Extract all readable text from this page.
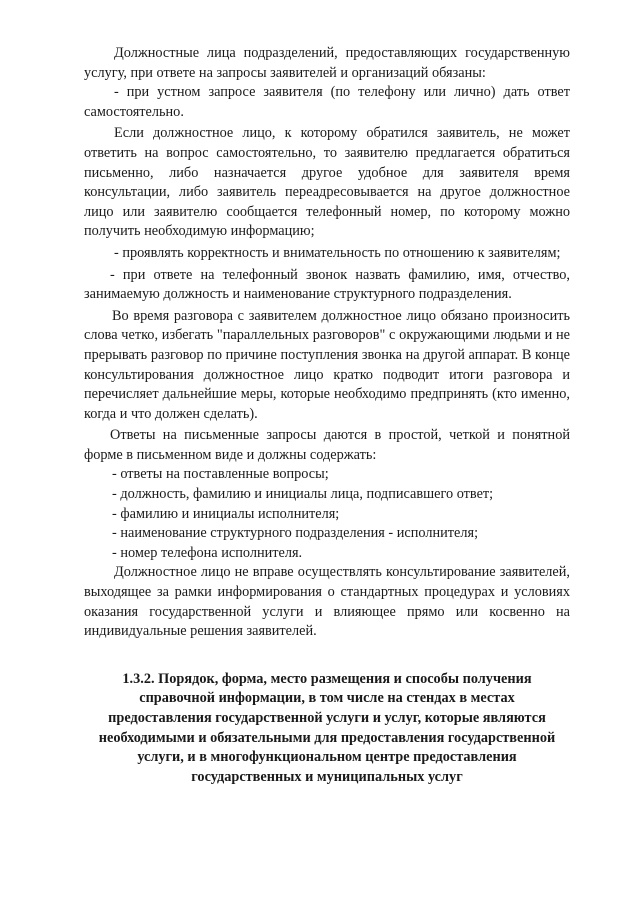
Должностные лица подразделений, предоставляющих государственную услугу, при ответе на запросы заявителей и организаций обязаны:

- при устном запросе заявителя (по телефону или лично) дать ответ самостоятельно.

Если должностное лицо, к которому обратился заявитель, не может ответить на вопрос самостоятельно, то заявителю предлагается обратиться письменно, либо назначается другое удобное для заявителя время консультации, либо заявитель переадресовывается на другое должностное лицо или заявителю сообщается телефонный номер, по которому можно получить необходимую информацию;

- проявлять корректность и внимательность по отношению к заявителям;

- при ответе на телефонный звонок назвать фамилию, имя, отчество, занимаемую должность и наименование структурного подразделения.

Во время разговора с заявителем должностное лицо обязано произносить слова четко, избегать "параллельных разговоров" с окружающими людьми и не прерывать разговор по причине поступления звонка на другой аппарат. В конце консультирования должностное лицо кратко подводит итоги разговора и перечисляет дальнейшие меры, которые необходимо предпринять (кто именно, когда и что должен сделать).

Ответы на письменные запросы даются в простой, четкой и понятной форме в письменном виде и должны содержать:

- ответы на поставленные вопросы;

- должность, фамилию и инициалы лица, подписавшего ответ;

- фамилию и инициалы исполнителя;

- наименование структурного подразделения - исполнителя;

- номер телефона исполнителя.

Должностное лицо не вправе осуществлять консультирование заявителей, выходящее за рамки информирования о стандартных процедурах и условиях оказания государственной услуги и влияющее прямо или косвенно на индивидуальные решения заявителей.

1.3.2. Порядок, форма, место размещения и способы получения
справочной информации, в том числе на стендах в местах
предоставления государственной услуги и услуг, которые являются
необходимыми и обязательными для предоставления государственной
услуги, и в многофункциональном центре предоставления
государственных и муниципальных услуг
